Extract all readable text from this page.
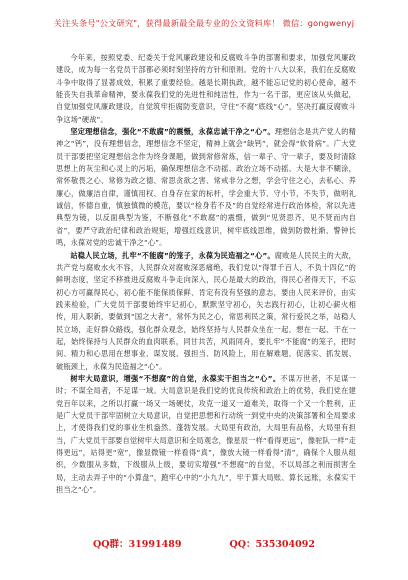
关注头条号"公文研究"，获得最新最全最专业的公文资料库！ 微信：gongwenyj

今年来，按照党委、纪委关于党风廉政建设和反腐败斗争的部署和要求，加强党风廉政建设，成为每一名党员干部都必须时刻坚持的方针和原则。党的十八大以来，我们在反腐败斗争中取得了显著成效，积累了重要经验。越是长期执政，越不能忘记党的初心使命，越不能丧失自我革命精神，要永葆我们党的先进性和纯洁性，作为一名干部，更应该从头做起，自觉加强党风廉政建设，自觉筑牢拒腐防变意识，守住“不腐”底线“心”，坚决打赢反腐败斗争这场“硬战”。

坚定理想信念，强化“不敢腐”的震慑，永葆忠诚干净之“心”。理想信念是共产党人的精神之“钙”，没有理想信念，理想信念不坚定，精神上就会“缺钙”，就会得“软骨病”。广大党员干部要把坚定理想信念作为终身课题，做到常修常炼，信一辈子、守一辈子，要及时清除思想上的灰尘和心灵上的污垢，确保理想信念不动摇、政治立场不动摇、大是大非不糊涂，常怀敬畏之心、常修为政之德、常思贪欲之害、常戒非分之想，学会守住之心，去私心、养廉心，做廉洁自律，谨慎用权、自身存在家的标杆，学会重大节、守小节，不失节，做明礼诚信，怀德自重，慎独慎微的模范，要以“检身若不及”的自觉经常进行政治体检，常以先进典型为镜，以反面典型为鉴，不断强化“不敢腐”的震慑，做到“见贤思齐，见不贤而内自省”，要严守政治纪律和政治规矩，增强红线意识，树牢底线思维，做到防微杜渐、警钟长鸣，永葆对党的忠诚干净之“心”。

站稳人民立场，扎牢“不能腐”的笼子，永葆为民造福之“心”。腐败是人民民主的大敌，共产党与腐败水火不容，人民群众对腐败深恶痛绝，我们党以“得罪千百人，不负十四亿”的鲜明态度，坚定不移推进反腐败斗争走向深入，民心是最大的政治，得民心者得天下，不忘初心方可赢得民心，初心能不能保质保鲜、肯定有没有坚强的意志，要由人民来评价，由实践来检验，广大党员干部要始终牢记初心，默默坚守初心，矢志践行初心，让初心薪火相传，用入职新，要做到“国之大者”，常怀为民之心，常思利民之策，常行爱民之举，站稳人民立场，走好群众路线，强化群众观念，始终坚持与人民群众坐在一起、想在一起、干在一起，始终保持与人民群众的血肉联系，同甘共苦，风雨同舟，要扎牢“不能腐”的笼子，把时间、精力和心思用在想事业、谋发展、强担当、防风险上，用在解难题、促落实、抓发展、破瓶颈上，永葆为民造福之“心”。

树牢大局意识，增强“不想腐”的自觉，永葆实干担当之“心”。不谋万世者，不足谋一时；不谋全局者，不足谋一域。大局意识是我们党的优良传统和政治上的优势，我们党在建党百年以来，之所以打赢一场又一场硬仗，攻克一道又一道难关，取得一个又一个胜利，正是广大党员干部牢固树立大局意识，自觉把思想和行动统一到党中央的决策部署和全局要求上，才使得我们党的事业生机盎然、蓬勃发展。大局里有政治，大局里有品格，大局里有担当，广大党员干部要自觉树牢大局意识和全局观念，像星辰一样“看得更远”，像驼队一样“走得更远”，站得更“宽”，像显微镜一样看得“真”，像放大镜一样看得“清”，确保个人服从组织，少数服从多数，下级服从上级，要切实增强“不想腐”的自觉，不以局部之利而损害全局，主动去弄子中的“小算盘”，跑牢心中的“小九九”，牢于算大局账、算长远账，永葆实干担当之“心”。

QQ群：31991489	QQ：535304092
